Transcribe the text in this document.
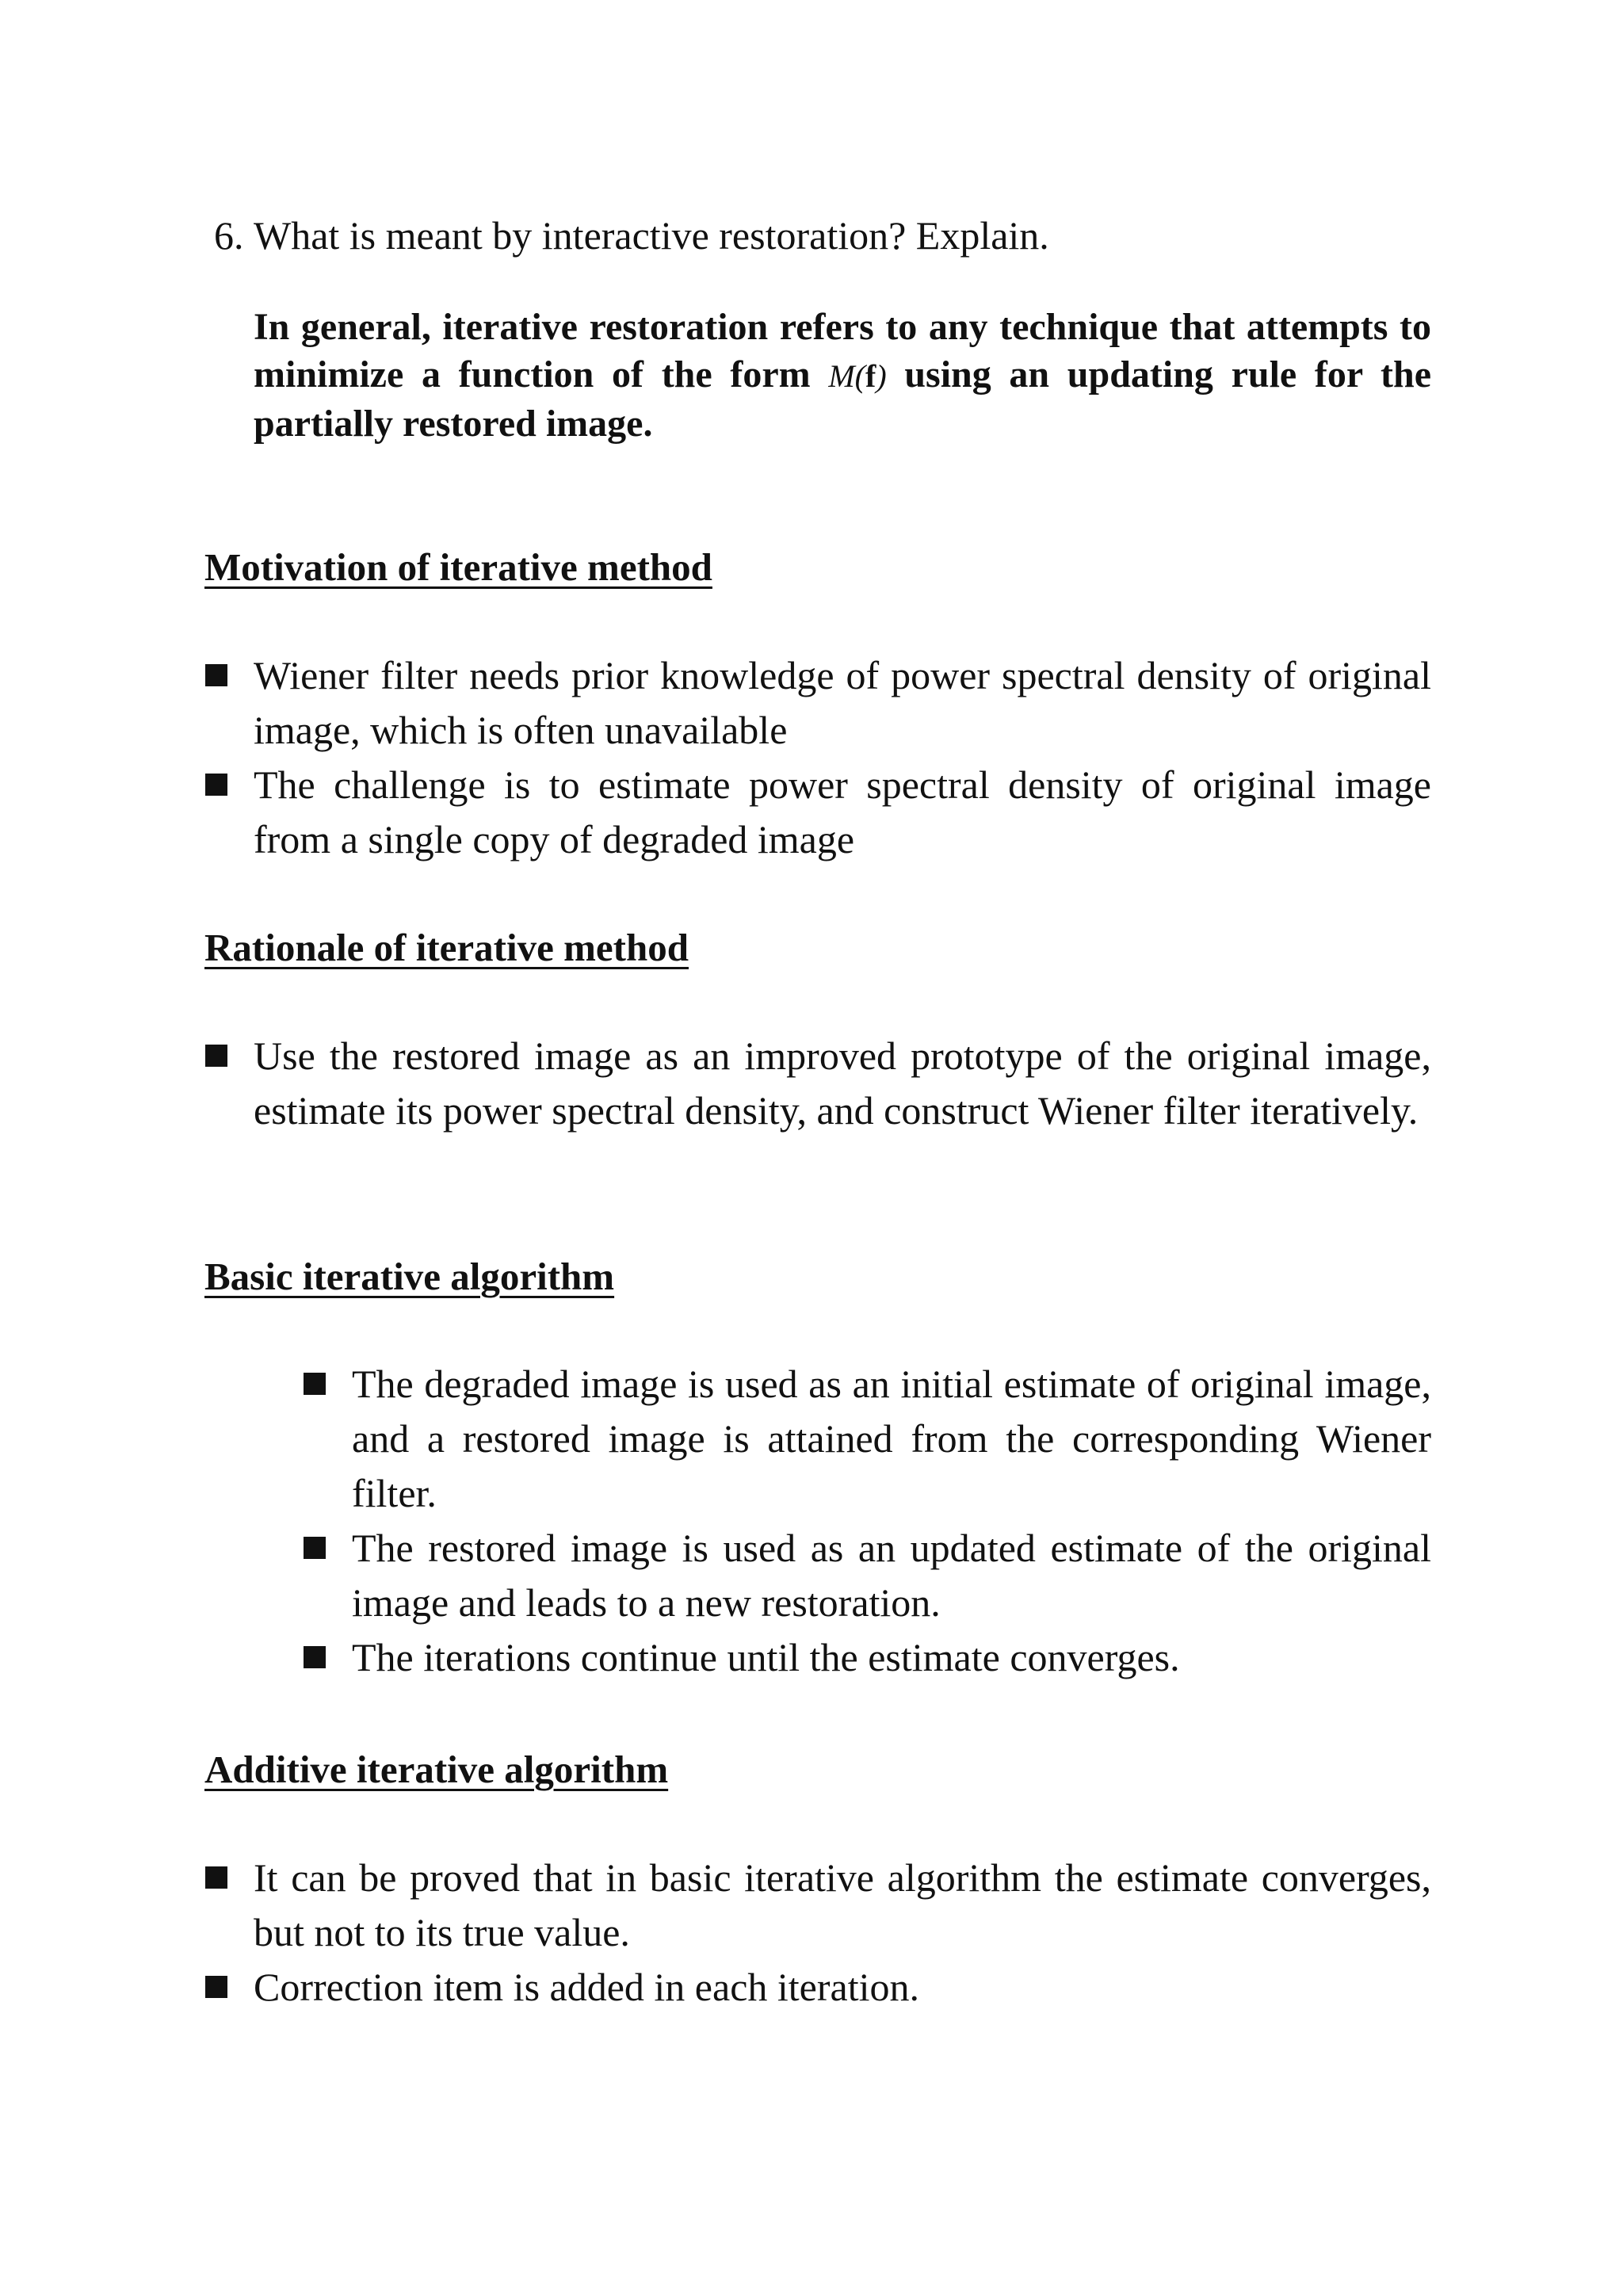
6. What is meant by interactive restoration? Explain.
In general, iterative restoration refers to any technique that attempts to minimize a function of the form M(f) using an updating rule for the partially restored image.
Motivation of iterative method
Wiener filter needs prior knowledge of power spectral density of original image, which is often unavailable
The challenge is to estimate power spectral density of original image from a single copy of degraded image
Rationale of iterative method
Use the restored image as an improved prototype of the original image, estimate its power spectral density, and construct Wiener filter iteratively.
Basic iterative algorithm
The degraded image is used as an initial estimate of original image, and a restored image is attained from the corresponding Wiener filter.
The restored image is used as an updated estimate of the original image and leads to a new restoration.
The iterations continue until the estimate converges.
Additive iterative algorithm
It can be proved that in basic iterative algorithm the estimate converges, but not to its true value.
Correction item is added in each iteration.
